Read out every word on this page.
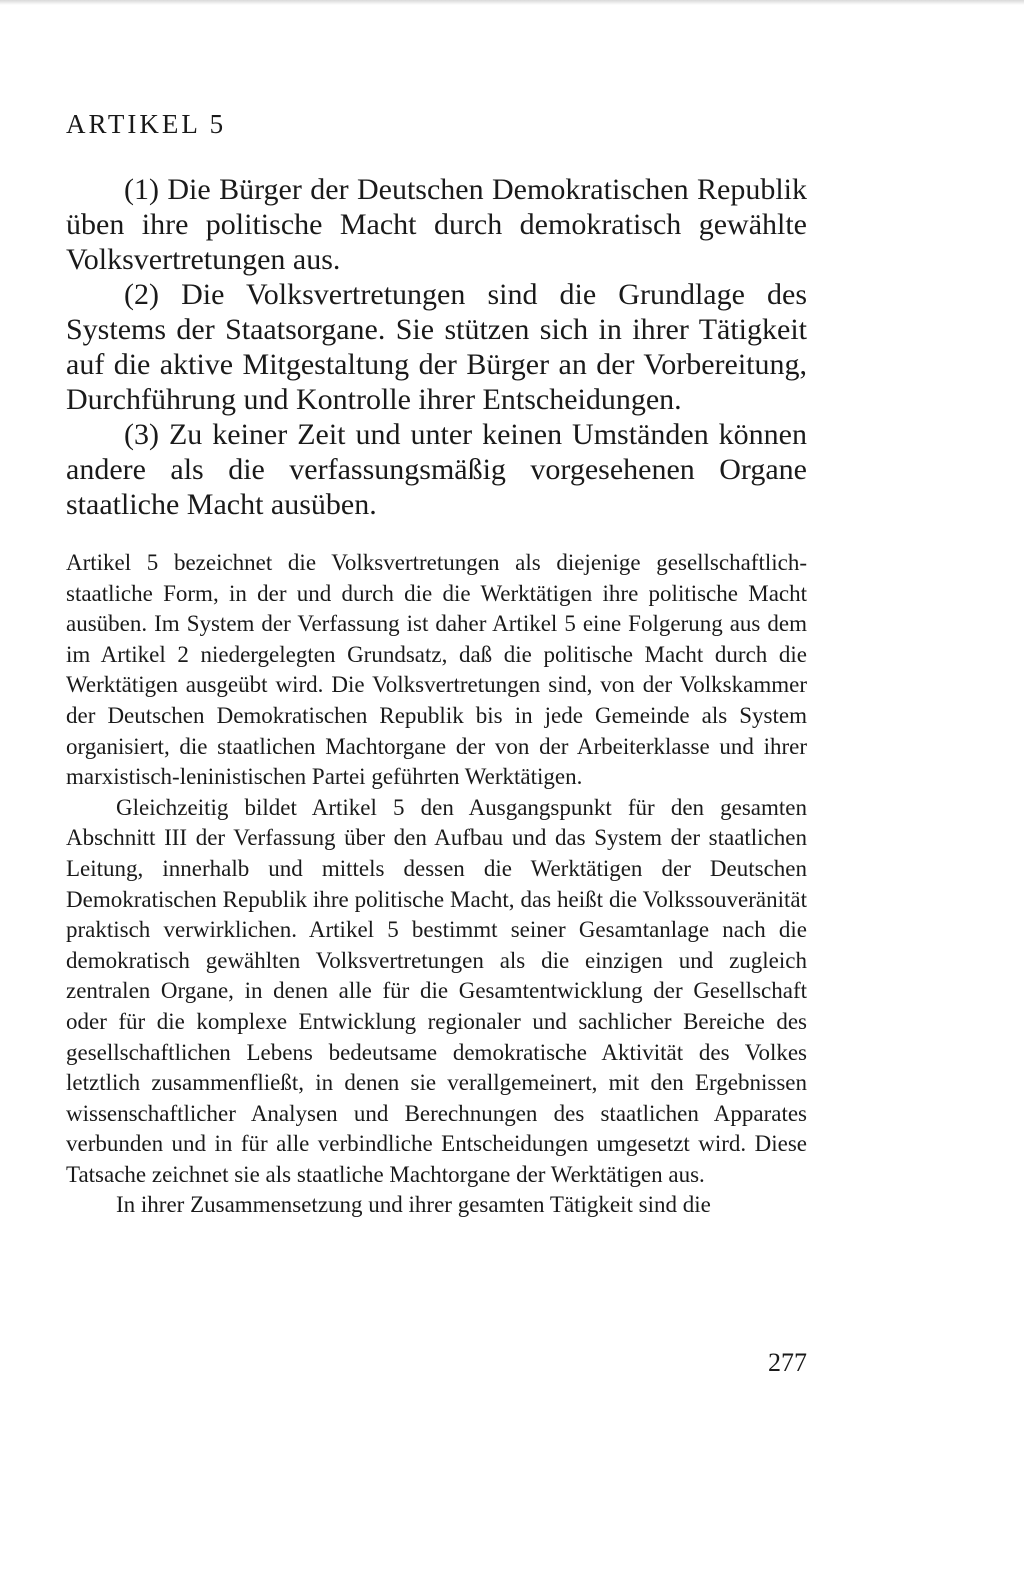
ARTIKEL 5

(1) Die Bürger der Deutschen Demokratischen Republik üben ihre politische Macht durch demokratisch gewählte Volksvertretungen aus.

(2) Die Volksvertretungen sind die Grundlage des Systems der Staatsorgane. Sie stützen sich in ihrer Tätigkeit auf die aktive Mitgestaltung der Bürger an der Vorbereitung, Durchführung und Kontrolle ihrer Entscheidungen.

(3) Zu keiner Zeit und unter keinen Umständen können andere als die verfassungsmäßig vorgesehenen Organe staatliche Macht ausüben.

Artikel 5 bezeichnet die Volksvertretungen als diejenige gesellschaftlich-staatliche Form, in der und durch die die Werktätigen ihre politische Macht ausüben. Im System der Verfassung ist daher Artikel 5 eine Folgerung aus dem im Artikel 2 niedergelegten Grundsatz, daß die politische Macht durch die Werktätigen ausgeübt wird. Die Volksvertretungen sind, von der Volkskammer der Deutschen Demokratischen Republik bis in jede Gemeinde als System organisiert, die staatlichen Machtorgane der von der Arbeiterklasse und ihrer marxistisch-leninistischen Partei geführten Werktätigen.

Gleichzeitig bildet Artikel 5 den Ausgangspunkt für den gesamten Abschnitt III der Verfassung über den Aufbau und das System der staatlichen Leitung, innerhalb und mittels dessen die Werktätigen der Deutschen Demokratischen Republik ihre politische Macht, das heißt die Volkssouveränität praktisch verwirklichen. Artikel 5 bestimmt seiner Gesamtanlage nach die demokratisch gewählten Volksvertretungen als die einzigen und zugleich zentralen Organe, in denen alle für die Gesamtentwicklung der Gesellschaft oder für die komplexe Entwicklung regionaler und sachlicher Bereiche des gesellschaftlichen Lebens bedeutsame demokratische Aktivität des Volkes letztlich zusammenfließt, in denen sie verallgemeinert, mit den Ergebnissen wissenschaftlicher Analysen und Berechnungen des staatlichen Apparates verbunden und in für alle verbindliche Entscheidungen umgesetzt wird. Diese Tatsache zeichnet sie als staatliche Machtorgane der Werktätigen aus.

In ihrer Zusammensetzung und ihrer gesamten Tätigkeit sind die

277
